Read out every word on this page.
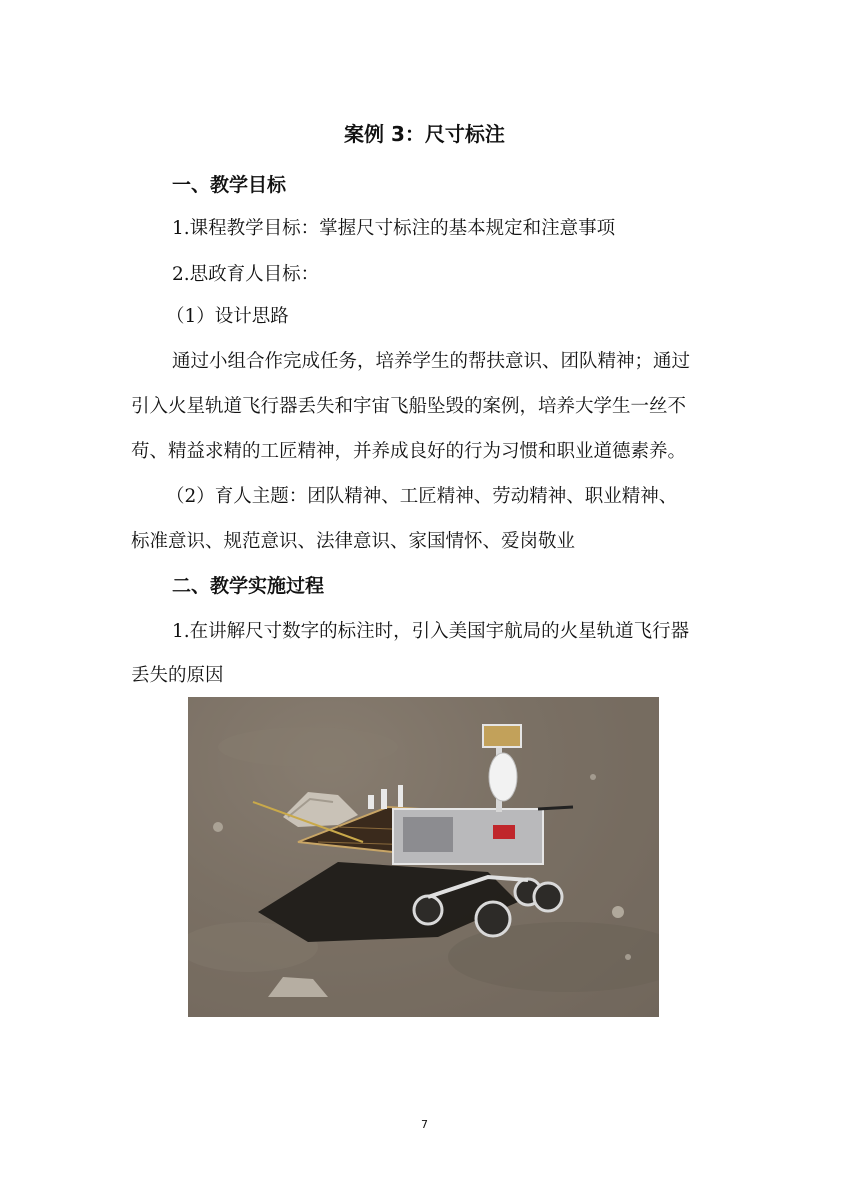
案例 3：尺寸标注
一、教学目标
1.课程教学目标：掌握尺寸标注的基本规定和注意事项
2.思政育人目标：
（1）设计思路
通过小组合作完成任务，培养学生的帮扶意识、团队精神；通过
引入火星轨道飞行器丢失和宇宙飞船坠毁的案例，培养大学生一丝不
苟、精益求精的工匠精神，并养成良好的行为习惯和职业道德素养。
（2）育人主题：团队精神、工匠精神、劳动精神、职业精神、
标准意识、规范意识、法律意识、家国情怀、爱岗敬业
二、教学实施过程
1.在讲解尺寸数字的标注时，引入美国宇航局的火星轨道飞行器
丢失的原因
7
